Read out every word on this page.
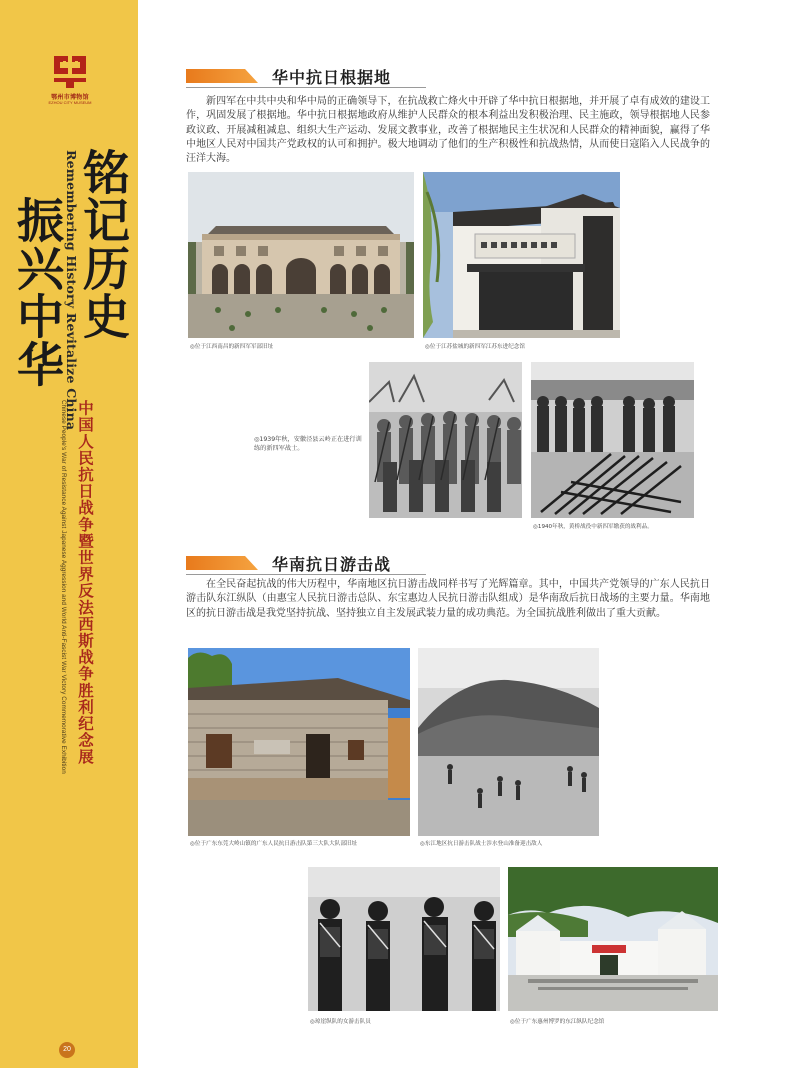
鄂州市博物馆
EZHOU CITY MUSEUM
铭记历史
Remembering History Revitalize China
振兴中华
中国人民抗日战争暨世界反法西斯战争胜利纪念展
Chinese People's War of Resistance Against Japanese Aggression and World Anti-Fascist War Victory Commemorative Exhibition
20
华中抗日根据地

新四军在中共中央和华中局的正确领导下，在抗战救亡烽火中开辟了华中抗日根据地，并开展了卓有成效的建设工作，巩固发展了根据地。华中抗日根据地政府从维护人民群众的根本利益出发积极治理、民主施政，领导根据地人民参政议政、开展减租减息、组织大生产运动、发展文教事业，改善了根据地民主生状况和人民群众的精神面貌，赢得了华中地区人民对中国共产党政权的认可和拥护。极大地调动了他们的生产积极性和抗战热情，从而使日寇陷入人民战争的汪洋大海。

◎位于江西南昌的新四军军部旧址	◎位于江苏盐城的新四军江苏东进纪念馆
◎1939年秋，安徽泾县云岭正在进行训练的新四军战士。
◎1940年秋，黄桥战役中新四军缴获的战利品。
华南抗日游击战

在全民奋起抗战的伟大历程中，华南地区抗日游击战同样书写了光辉篇章。其中，中国共产党领导的广东人民抗日游击队东江纵队（由惠宝人民抗日游击总队、东宝惠边人民抗日游击队组成）是华南敌后抗日战场的主要力量。华南地区的抗日游击战是我党坚持抗战、坚持独立自主发展武装力量的成功典范。为全国抗战胜利做出了重大贡献。

◎位于广东东莞大岭山镇的广东人民抗日游击队第三大队大队部旧址	◎东江地区抗日游击队战士涉水登山准备迎击敌人
◎琼崖纵队的女游击队员	◎位于广东惠州博罗的东江纵队纪念馆
